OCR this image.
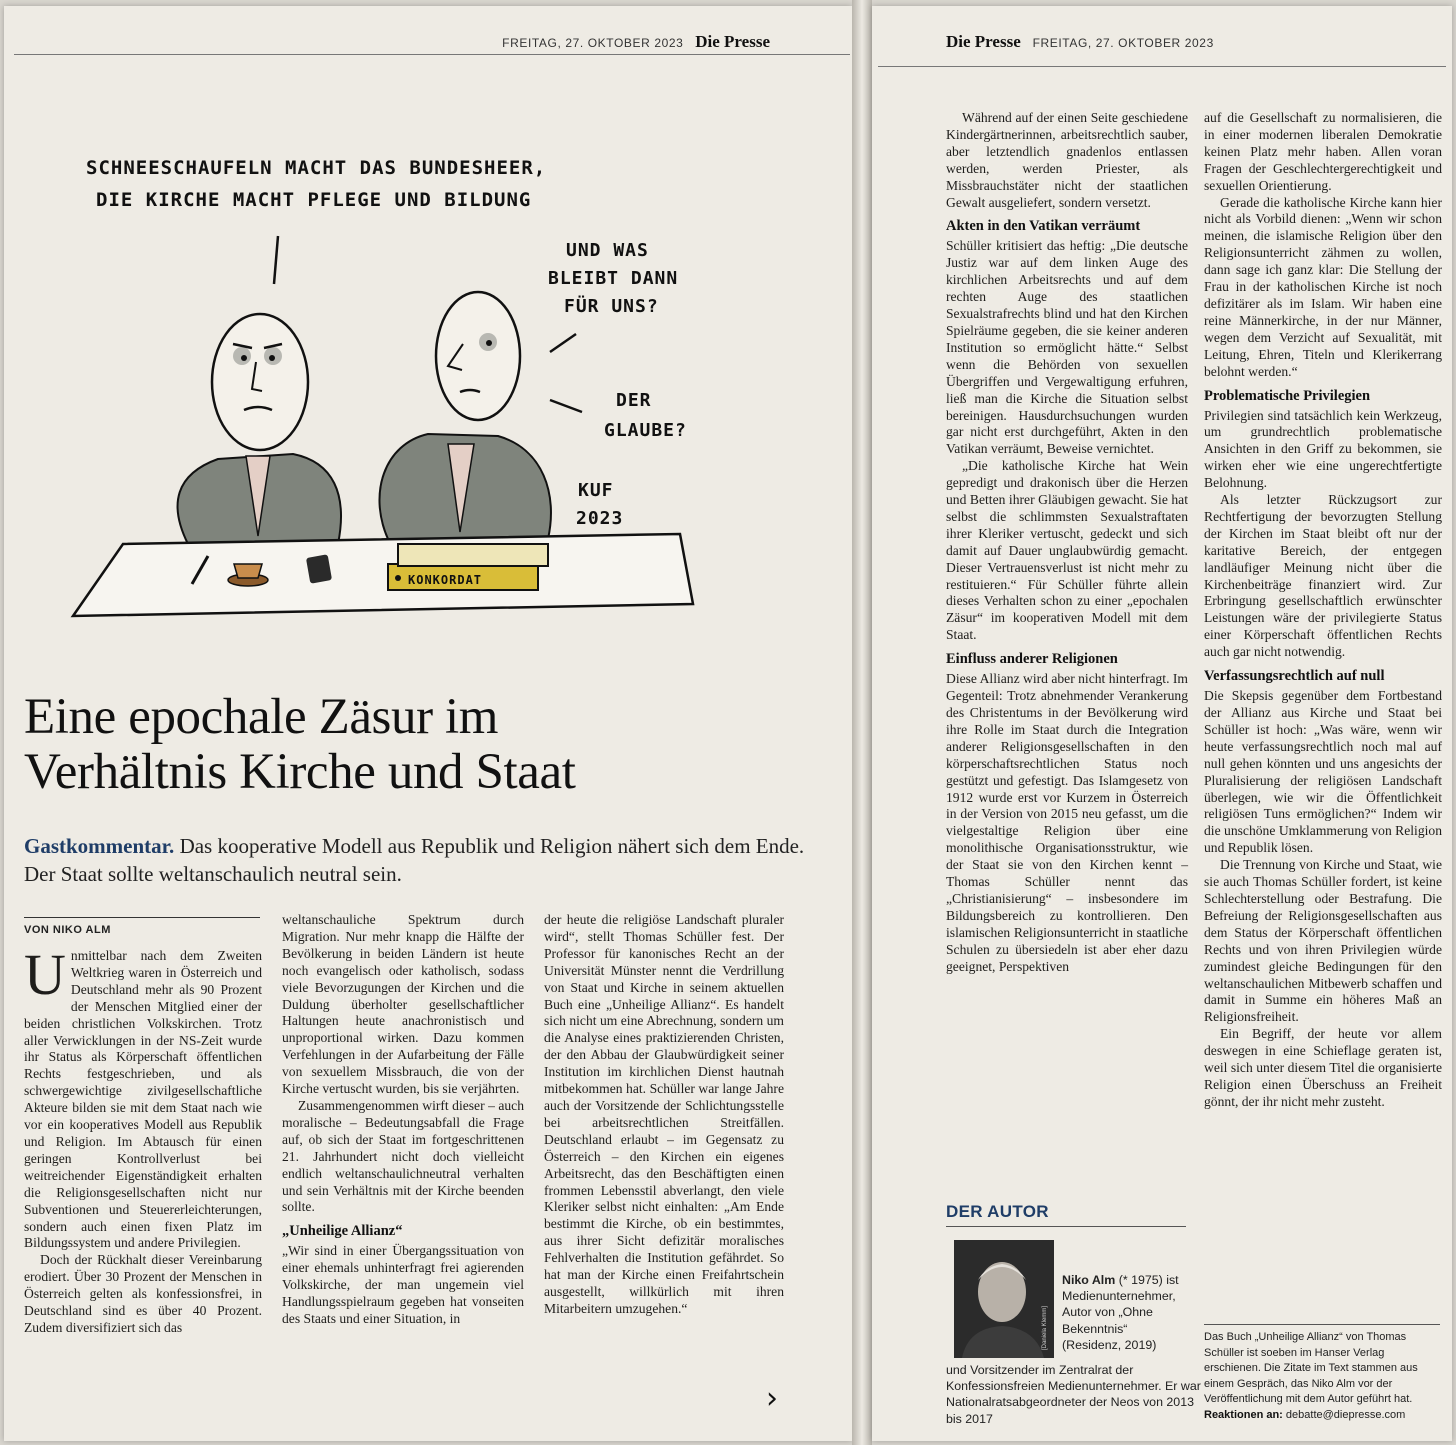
FREITAG, 27. OKTOBER 2023 Die Presse
SCHNEESCHAUFELN MACHT DAS BUNDESHEER,
DIE KIRCHE MACHT PFLEGE UND BILDUNG
UND WAS
BLEIBT DANN
FÜR UNS?
DER
GLAUBE?
KUF
2023
KONKORDAT
Eine epochale Zäsur im
Verhältnis Kirche und Staat
Gastkommentar. Das kooperative Modell aus Republik und Religion nähert sich dem Ende. Der Staat sollte weltanschaulich neutral sein.
VON NIKO ALM

Unmittelbar nach dem Zweiten Weltkrieg waren in Österreich und Deutschland mehr als 90 Prozent der Menschen Mitglied einer der beiden christlichen Volkskirchen. Trotz aller Verwicklungen in der NS-Zeit wurde ihr Status als Körperschaft öffentlichen Rechts festgeschrieben, und als schwergewichtige zivilgesellschaftliche Akteure bilden sie mit dem Staat nach wie vor ein kooperatives Modell aus Republik und Religion. Im Abtausch für einen geringen Kontrollverlust bei weitreichender Eigenständigkeit erhalten die Religionsgesellschaften nicht nur Subventionen und Steuererleichterungen, sondern auch einen fixen Platz im Bildungssystem und andere Privilegien.

Doch der Rückhalt dieser Vereinbarung erodiert. Über 30 Prozent der Menschen in Österreich gelten als konfessionsfrei, in Deutschland sind es über 40 Prozent. Zudem diversifiziert sich das

weltanschauliche Spektrum durch Migration. Nur mehr knapp die Hälfte der Bevölkerung in beiden Ländern ist heute noch evangelisch oder katholisch, sodass viele Bevorzugungen der Kirchen und die Duldung überholter gesellschaftlicher Haltungen heute anachronistisch und unproportional wirken. Dazu kommen Verfehlungen in der Aufarbeitung der Fälle von sexuellem Missbrauch, die von der Kirche vertuscht wurden, bis sie verjährten.

Zusammengenommen wirft dieser – auch moralische – Bedeutungsabfall die Frage auf, ob sich der Staat im fortgeschrittenen 21. Jahrhundert nicht doch vielleicht endlich weltanschaulichneutral verhalten und sein Verhältnis mit der Kirche beenden sollte.

„Unheilige Allianz“

„Wir sind in einer Übergangssituation von einer ehemals unhinterfragt frei agierenden Volkskirche, der man ungemein viel Handlungsspielraum gegeben hat vonseiten des Staats und einer Situation, in

der heute die religiöse Landschaft pluraler wird“, stellt Thomas Schüller fest. Der Professor für kanonisches Recht an der Universität Münster nennt die Verdrillung von Staat und Kirche in seinem aktuellen Buch eine „Unheilige Allianz“. Es handelt sich nicht um eine Abrechnung, sondern um die Analyse eines praktizierenden Christen, der den Abbau der Glaubwürdigkeit seiner Institution im kirchlichen Dienst hautnah mitbekommen hat. Schüller war lange Jahre auch der Vorsitzende der Schlichtungsstelle bei arbeitsrechtlichen Streitfällen. Deutschland erlaubt – im Gegensatz zu Österreich – den Kirchen ein eigenes Arbeitsrecht, das den Beschäftigten einen frommen Lebensstil abverlangt, den viele Kleriker selbst nicht einhalten: „Am Ende bestimmt die Kirche, ob ein bestimmtes, aus ihrer Sicht defizitär moralisches Fehlverhalten die Institution gefährdet. So hat man der Kirche einen Freifahrtschein ausgestellt, willkürlich mit ihren Mitarbeitern umzugehen.“

›
Die Presse FREITAG, 27. OKTOBER 2023

Während auf der einen Seite geschiedene Kindergärtnerinnen, arbeitsrechtlich sauber, aber letztendlich gnadenlos entlassen werden, werden Priester, als Missbrauchstäter nicht der staatlichen Gewalt ausgeliefert, sondern versetzt.

Akten in den Vatikan verräumt

Schüller kritisiert das heftig: „Die deutsche Justiz war auf dem linken Auge des kirchlichen Arbeitsrechts und auf dem rechten Auge des staatlichen Sexualstrafrechts blind und hat den Kirchen Spielräume gegeben, die sie keiner anderen Institution so ermöglicht hätte.“ Selbst wenn die Behörden von sexuellen Übergriffen und Vergewaltigung erfuhren, ließ man die Kirche die Situation selbst bereinigen. Hausdurchsuchungen wurden gar nicht erst durchgeführt, Akten in den Vatikan verräumt, Beweise vernichtet.

„Die katholische Kirche hat Wein gepredigt und drakonisch über die Herzen und Betten ihrer Gläubigen gewacht. Sie hat selbst die schlimmsten Sexualstraftaten ihrer Kleriker vertuscht, gedeckt und sich damit auf Dauer unglaubwürdig gemacht. Dieser Vertrauensverlust ist nicht mehr zu restituieren.“ Für Schüller führte allein dieses Verhalten schon zu einer „epochalen Zäsur“ im kooperativen Modell mit dem Staat.

Einfluss anderer Religionen

Diese Allianz wird aber nicht hinterfragt. Im Gegenteil: Trotz abnehmender Verankerung des Christentums in der Bevölkerung wird ihre Rolle im Staat durch die Integration anderer Religionsgesellschaften in den körperschaftsrechtlichen Status noch gestützt und gefestigt. Das Islamgesetz von 1912 wurde erst vor Kurzem in Österreich in der Version von 2015 neu gefasst, um die vielgestaltige Religion über eine monolithische Organisationsstruktur, wie der Staat sie von den Kirchen kennt – Thomas Schüller nennt das „Christianisierung“ – insbesondere im Bildungsbereich zu kontrollieren. Den islamischen Religionsunterricht in staatliche Schulen zu übersiedeln ist aber eher dazu geeignet, Perspektiven

auf die Gesellschaft zu normalisieren, die in einer modernen liberalen Demokratie keinen Platz mehr haben. Allen voran Fragen der Geschlechtergerechtigkeit und sexuellen Orientierung.

Gerade die katholische Kirche kann hier nicht als Vorbild dienen: „Wenn wir schon meinen, die islamische Religion über den Religionsunterricht zähmen zu wollen, dann sage ich ganz klar: Die Stellung der Frau in der katholischen Kirche ist noch defizitärer als im Islam. Wir haben eine reine Männerkirche, in der nur Männer, wegen dem Verzicht auf Sexualität, mit Leitung, Ehren, Titeln und Klerikerrang belohnt werden.“

Problematische Privilegien

Privilegien sind tatsächlich kein Werkzeug, um grundrechtlich problematische Ansichten in den Griff zu bekommen, sie wirken eher wie eine ungerechtfertigte Belohnung.

Als letzter Rückzugsort zur Rechtfertigung der bevorzugten Stellung der Kirchen im Staat bleibt oft nur der karitative Bereich, der entgegen landläufiger Meinung nicht über die Kirchenbeiträge finanziert wird. Zur Erbringung gesellschaftlich erwünschter Leistungen wäre der privilegierte Status einer Körperschaft öffentlichen Rechts auch gar nicht notwendig.

Verfassungsrechtlich auf null

Die Skepsis gegenüber dem Fortbestand der Allianz aus Kirche und Staat bei Schüller ist hoch: „Was wäre, wenn wir heute verfassungsrechtlich noch mal auf null gehen könnten und uns angesichts der Pluralisierung der religiösen Landschaft überlegen, wie wir die Öffentlichkeit religiösen Tuns ermöglichen?“ Indem wir die unschöne Umklammerung von Religion und Republik lösen.

Die Trennung von Kirche und Staat, wie sie auch Thomas Schüller fordert, ist keine Schlechterstellung oder Bestrafung. Die Befreiung der Religionsgesellschaften aus dem Status der Körperschaft öffentlichen Rechts und von ihren Privilegien würde zumindest gleiche Bedingungen für den weltanschaulichen Mitbewerb schaffen und damit in Summe ein höheres Maß an Religionsfreiheit.

Ein Begriff, der heute vor allem deswegen in eine Schieflage geraten ist, weil sich unter diesem Titel die organisierte Religion einen Überschuss an Freiheit gönnt, der ihr nicht mehr zusteht.

DER AUTOR
[Daniela Klemm]
Niko Alm (* 1975) ist Medienunternehmer, Autor von „Ohne Bekenntnis“ (Residenz, 2019)
und Vorsitzender im Zentralrat der Konfessionsfreien Medienunternehmer. Er war Nationalratsabgeordneter der Neos von 2013 bis 2017
Das Buch „Unheilige Allianz“ von Thomas Schüller ist soeben im Hanser Verlag erschienen. Die Zitate im Text stammen aus einem Gespräch, das Niko Alm vor der Veröffentlichung mit dem Autor geführt hat.
Reaktionen an: debatte@diepresse.com
